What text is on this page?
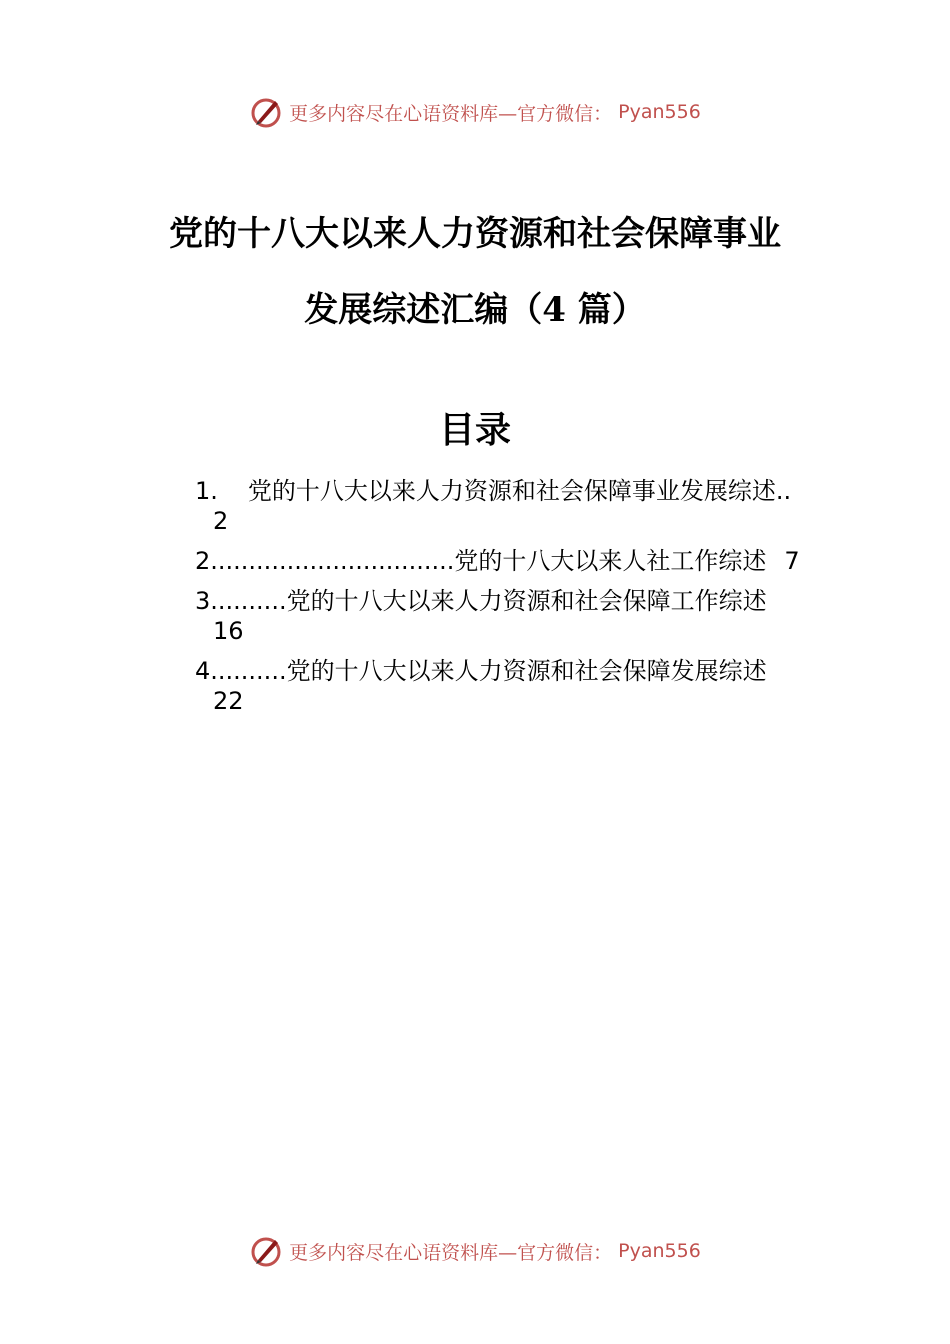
更多内容尽在心语资料库—官方微信： Pyan556
党的十八大以来人力资源和社会保障事业
发展综述汇编（4 篇）
目录
1. 党的十八大以来人力资源和社会保障事业发展综述..
2
2................................党的十八大以来人社工作综述 7
3..........党的十八大以来人力资源和社会保障工作综述
16
4..........党的十八大以来人力资源和社会保障发展综述
22
更多内容尽在心语资料库—官方微信： Pyan556
